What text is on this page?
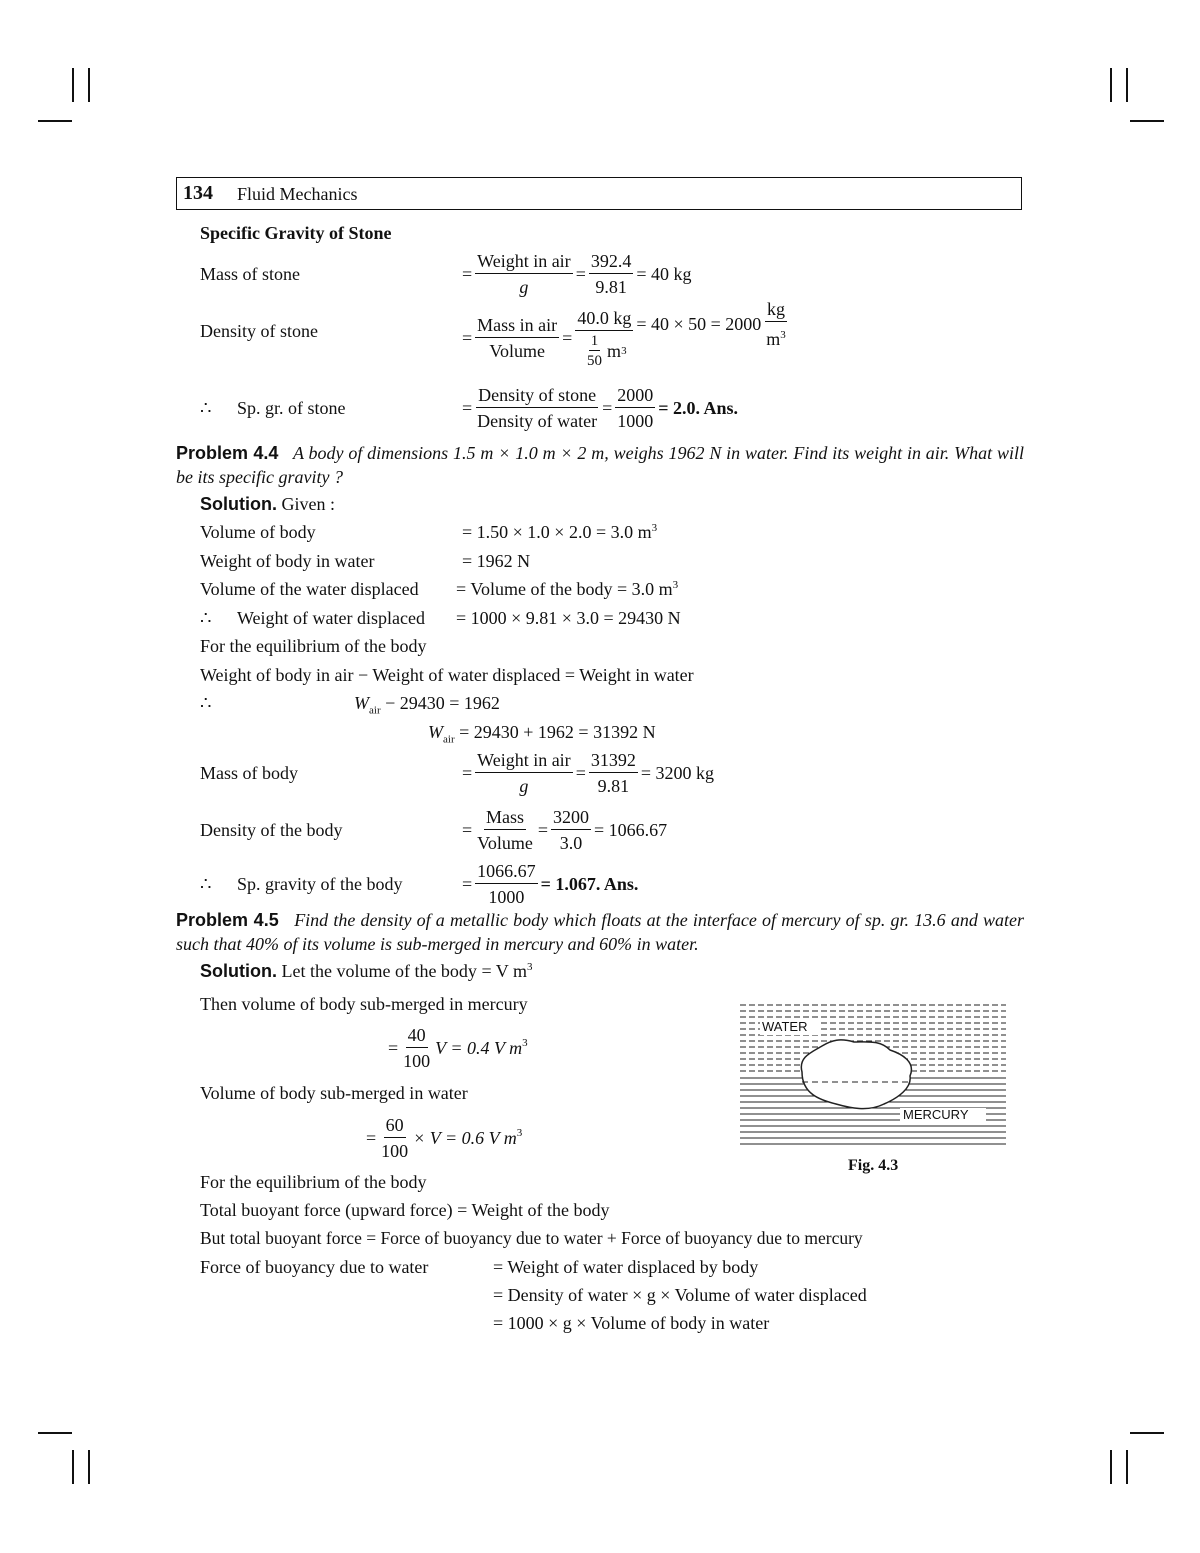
134 Fluid Mechanics
Specific Gravity of Stone
Mass of stone	= $\frac{\text{Weight in air}}{g} = \frac{392.4}{9.81} = 40$ kg
Density of stone	= $\frac{\text{Mass in air}}{\text{Volume}} = \frac{40.0 kg}{\frac{1}{50} m 3} = 40 \times 50 = 2000 \frac{kg}{m^3}$
∴ Sp. gr. of stone	= $\frac{\text{Density of stone}}{\text{Density of water}} = \frac{2000}{1000} = 2.0$. Ans.
Problem 4.4 A body of dimensions 1.5 m × 1.0 m × 2 m, weighs 1962 N in water. Find its weight in air. What will be its specific gravity ?
Solution. Given :
Volume of body	= 1.50 × 1.0 × 2.0 = 3.0 $m^3$
Weight of body in water	= 1962 N
Volume of the water displaced = Volume of the body = 3.0 $m^3$
∴ Weight of water displaced = 1000 × 9.81 × 3.0 = 29430 N
For the equilibrium of the body
Weight of body in air − Weight of water displaced = Weight in water
∴	$W_{air} - 29430 = 1962$
$W_{air} = 29430 + 1962 = 31392$ N
Mass of body	= $\frac{\text{Weight in air}}{g} = \frac{31392}{9.81} = 3200$ kg
Density of the body	= $\frac{\text{Mass}}{\text{Volume}} = \frac{3200}{3.0} = 1066.67$
∴ Sp. gravity of the body	= $\frac{1066.67}{1000} = 1.067$. Ans.
Problem 4.5 Find the density of a metallic body which floats at the interface of mercury of sp. gr. 13.6 and water such that 40% of its volume is sub-merged in mercury and 60% in water.
Solution. Let the volume of the body = V $m^3$
Then volume of body sub-merged in mercury
= $\frac{40}{100}$ V = 0.4 V $m^3$
Volume of body sub-merged in water
= $\frac{60}{100} \times V = 0.6$ V $m^3$
WATER
MERCURY
Fig. 4.3
For the equilibrium of the body
Total buoyant force (upward force) = Weight of the body
But total buoyant force = Force of buoyancy due to water + Force of buoyancy due to mercury
Force of buoyancy due to water	= Weight of water displaced by body
= Density of water × g × Volume of water displaced
= 1000 × g × Volume of body in water
